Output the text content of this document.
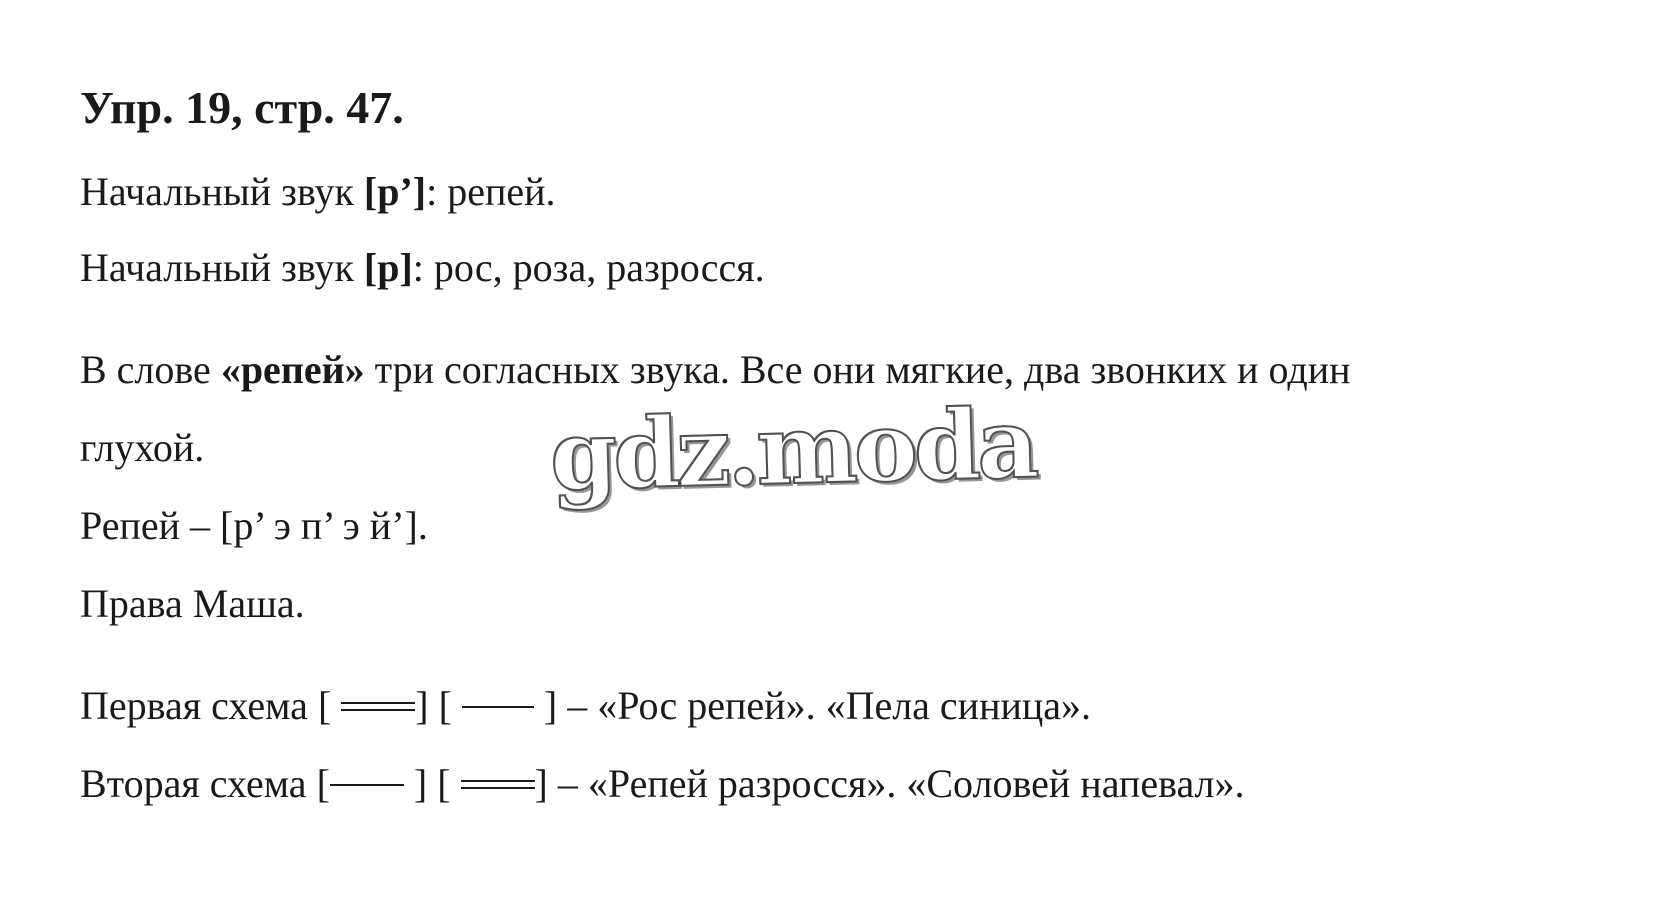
Упр. 19, стр. 47.
Начальный звук [р’]: репей.
Начальный звук [р]: рос, роза, разросся.
В слове «репей» три согласных звука. Все они мягкие, два звонких и один
глухой.
Репей – [р’ э п’ э й’].
Права Маша.
Первая схема [ ] [ ] – «Рос репей». «Пела синица».
Вторая схема [ ] [ ] – «Репей разросся». «Соловей напевал».
gdz.moda
